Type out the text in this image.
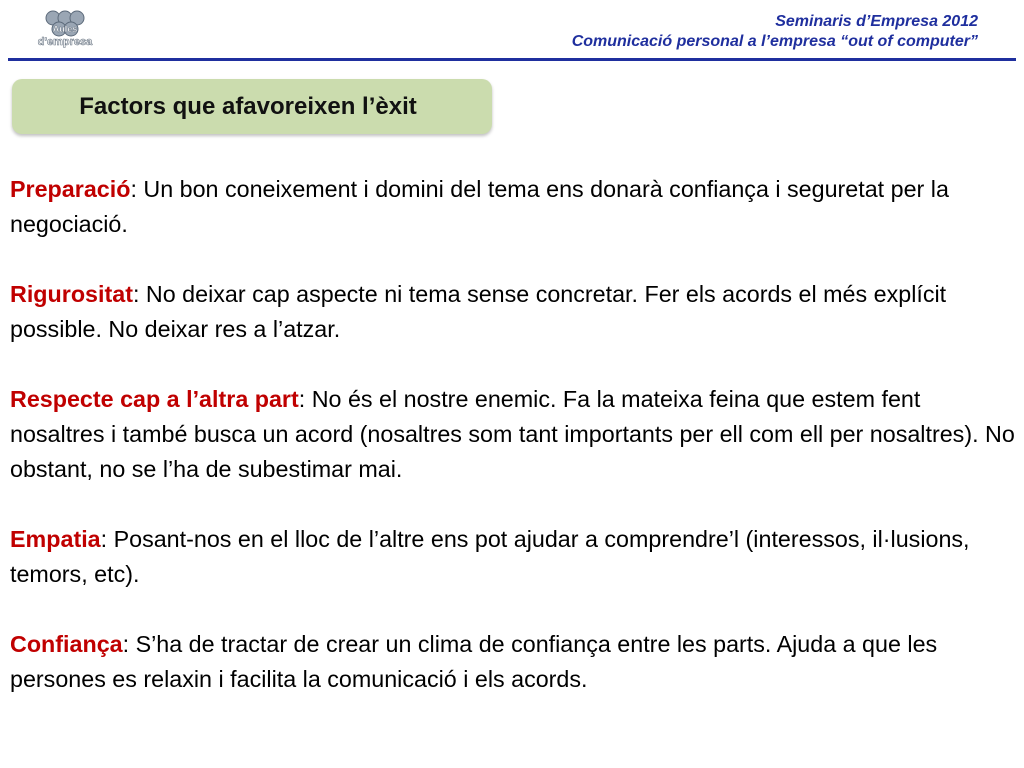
Aules
d'empresa
Seminaris d’Empresa 2012
Comunicació personal a l’empresa “out of computer”
Factors que afavoreixen l’èxit

Preparació: Un bon coneixement i domini del tema ens donarà confiança i seguretat per la negociació.

Rigurositat: No deixar cap aspecte ni tema sense concretar. Fer els acords el més explícit possible. No deixar res a l’atzar.

Respecte cap a l’altra part: No és el nostre enemic. Fa la mateixa feina que estem fent nosaltres i també busca un acord (nosaltres som tant importants per ell com ell per nosaltres). No obstant, no se l’ha de subestimar mai.

Empatia: Posant-nos en el lloc de l’altre ens pot ajudar a comprendre’l (interessos, il·lusions, temors, etc).

Confiança: S’ha de tractar de crear un clima de confiança entre les parts. Ajuda a que les persones es relaxin i facilita la comunicació i els acords.
